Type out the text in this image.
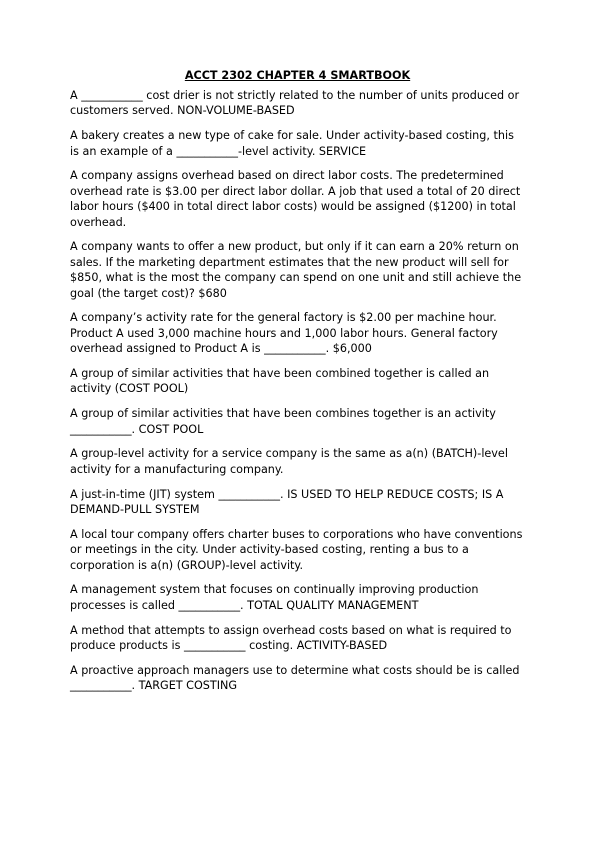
ACCT 2302 CHAPTER 4 SMARTBOOK

A ___________ cost drier is not strictly related to the number of units produced or customers served. NON-VOLUME-BASED

A bakery creates a new type of cake for sale. Under activity-based costing, this is an example of a ___________-level activity. SERVICE

A company assigns overhead based on direct labor costs. The predetermined overhead rate is $3.00 per direct labor dollar. A job that used a total of 20 direct labor hours ($400 in total direct labor costs) would be assigned ($1200) in total overhead.

A company wants to offer a new product, but only if it can earn a 20% return on sales. If the marketing department estimates that the new product will sell for $850, what is the most the company can spend on one unit and still achieve the goal (the target cost)? $680

A company’s activity rate for the general factory is $2.00 per machine hour. Product A used 3,000 machine hours and 1,000 labor hours. General factory overhead assigned to Product A is ___________. $6,000

A group of similar activities that have been combined together is called an activity (COST POOL)

A group of similar activities that have been combines together is an activity ___________. COST POOL

A group-level activity for a service company is the same as a(n) (BATCH)-level activity for a manufacturing company.

A just-in-time (JIT) system ___________. IS USED TO HELP REDUCE COSTS; IS A DEMAND-PULL SYSTEM

A local tour company offers charter buses to corporations who have conventions or meetings in the city. Under activity-based costing, renting a bus to a corporation is a(n) (GROUP)-level activity.

A management system that focuses on continually improving production processes is called ___________. TOTAL QUALITY MANAGEMENT

A method that attempts to assign overhead costs based on what is required to produce products is ___________ costing. ACTIVITY-BASED

A proactive approach managers use to determine what costs should be is called ___________. TARGET COSTING
